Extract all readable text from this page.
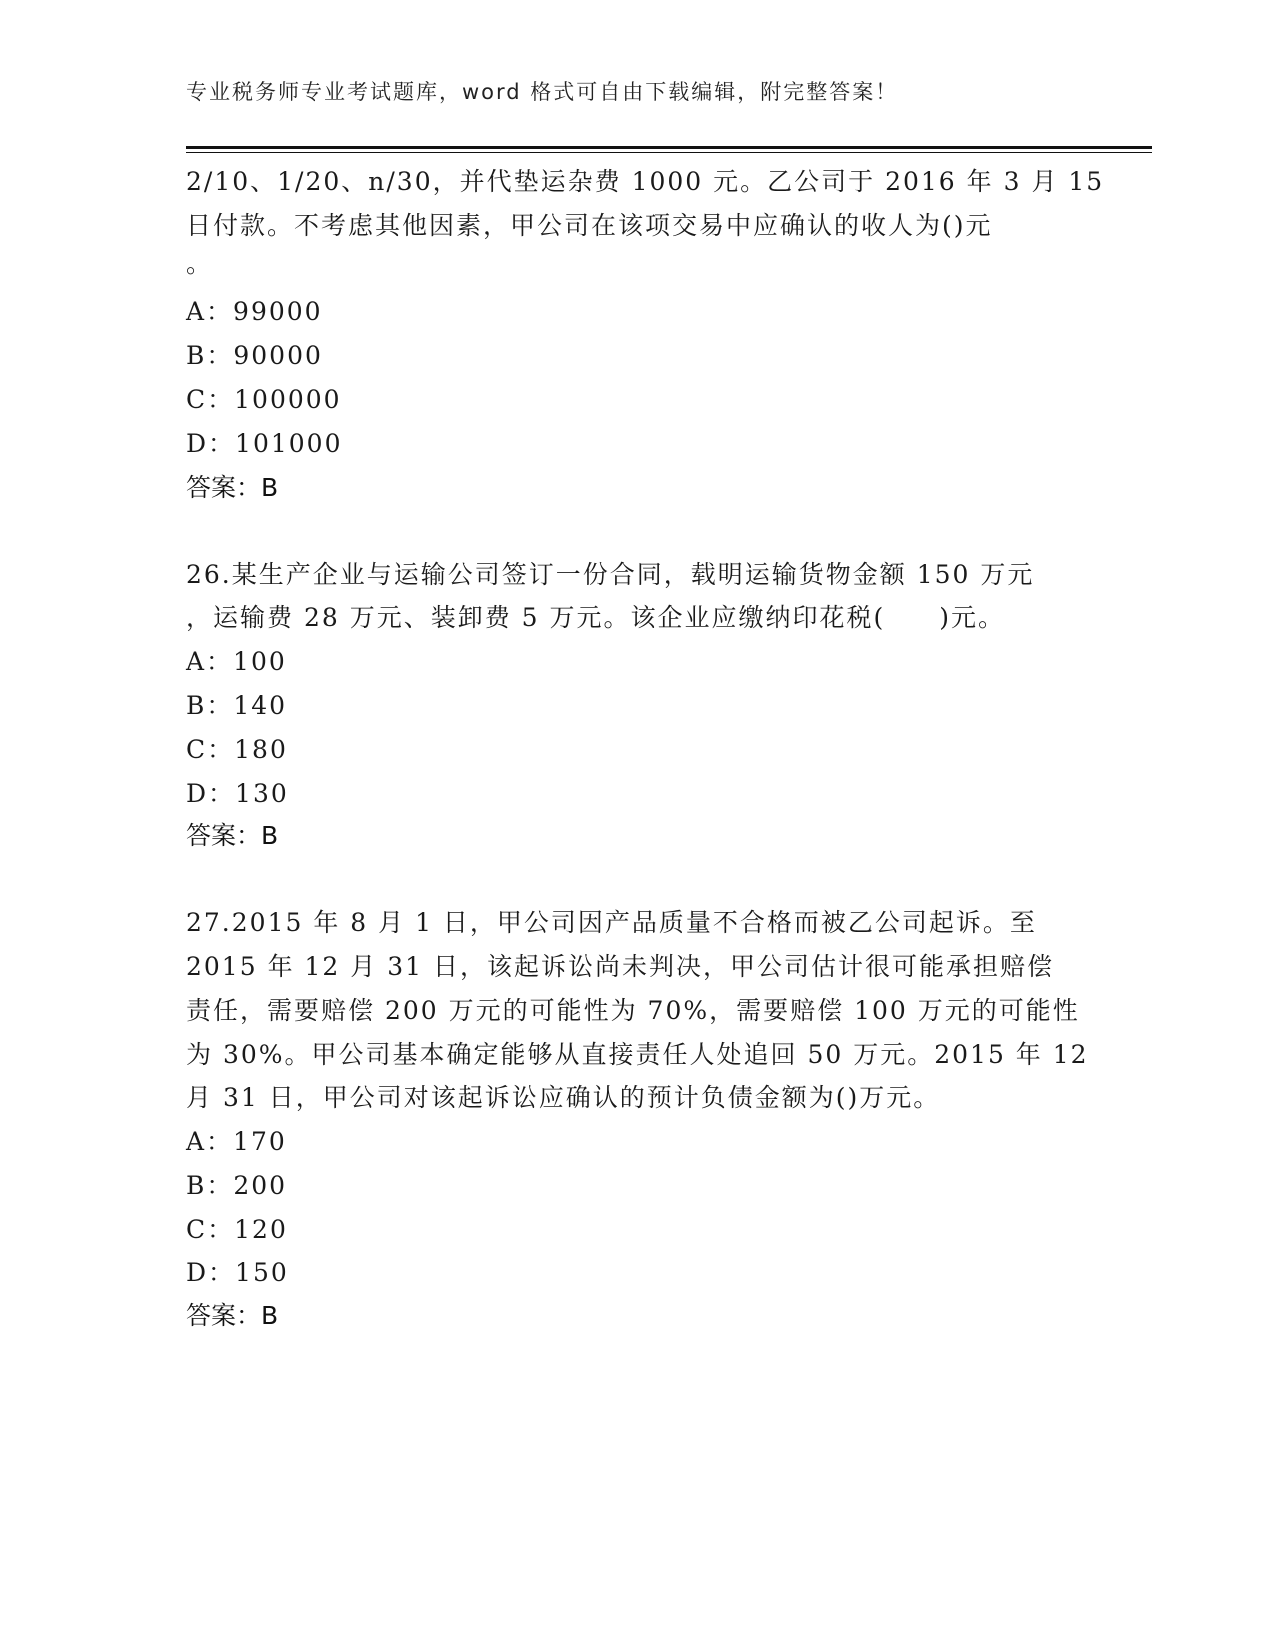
专业税务师专业考试题库，word 格式可自由下载编辑，附完整答案！
2/10、1/20、n/30，并代垫运杂费 1000 元。乙公司于 2016 年 3 月 15
日付款。不考虑其他因素，甲公司在该项交易中应确认的收人为()元
。
A：99000
B：90000
C：100000
D：101000
答案：B
26.某生产企业与运输公司签订一份合同，载明运输货物金额 150 万元
，运输费 28 万元、装卸费 5 万元。该企业应缴纳印花税(　　)元。
A：100
B：140
C：180
D：130
答案：B
27.2015 年 8 月 1 日，甲公司因产品质量不合格而被乙公司起诉。至
2015 年 12 月 31 日，该起诉讼尚未判决，甲公司估计很可能承担赔偿
责任，需要赔偿 200 万元的可能性为 70%，需要赔偿 100 万元的可能性
为 30%。甲公司基本确定能够从直接责任人处追回 50 万元。2015 年 12
月 31 日，甲公司对该起诉讼应确认的预计负债金额为()万元。
A：170
B：200
C：120
D：150
答案：B
